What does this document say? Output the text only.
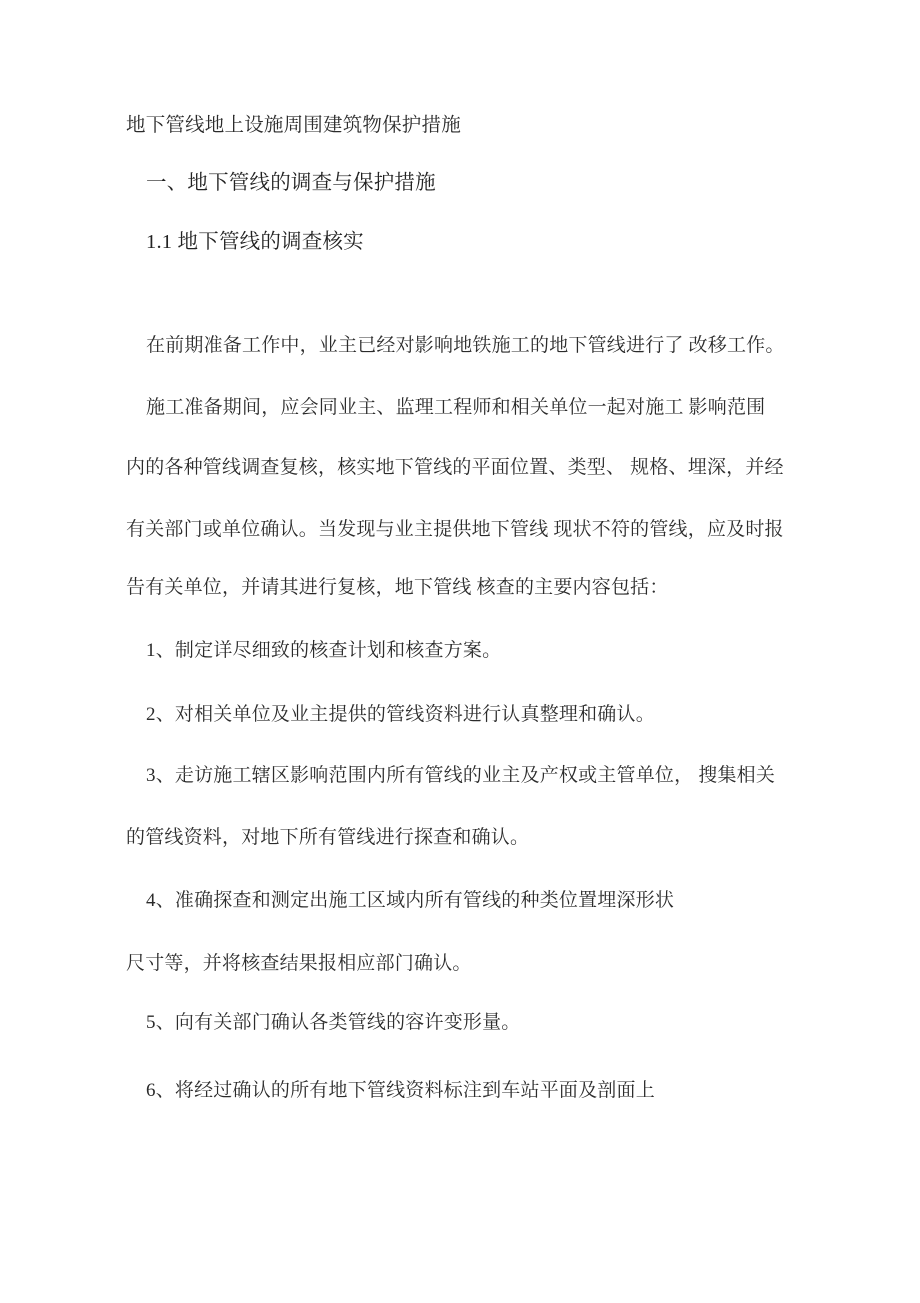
地下管线地上设施周围建筑物保护措施
一、地下管线的调查与保护措施
1.1 地下管线的调查核实
在前期准备工作中，业主已经对影响地铁施工的地下管线进行了 改移工作。
施工准备期间，应会同业主、监理工程师和相关单位一起对施工 影响范围
内的各种管线调查复核，核实地下管线的平面位置、类型、 规格、埋深，并经
有关部门或单位确认。当发现与业主提供地下管线 现状不符的管线，应及时报
告有关单位，并请其进行复核，地下管线 核查的主要内容包括：
1、制定详尽细致的核查计划和核查方案。
2、对相关单位及业主提供的管线资料进行认真整理和确认。
3、走访施工辖区影响范围内所有管线的业主及产权或主管单位， 搜集相关
的管线资料，对地下所有管线进行探查和确认。
4、准确探查和测定出施工区域内所有管线的种类位置埋深形状
尺寸等，并将核查结果报相应部门确认。
5、向有关部门确认各类管线的容许变形量。
6、将经过确认的所有地下管线资料标注到车站平面及剖面上
